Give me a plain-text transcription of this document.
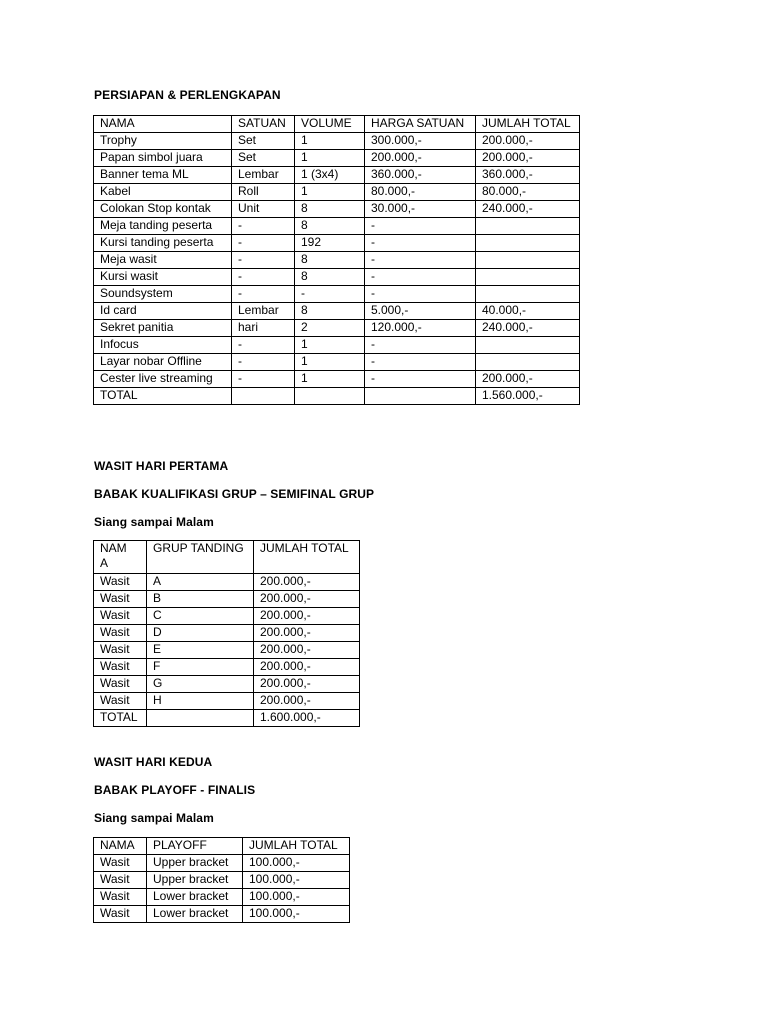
PERSIAPAN & PERLENGKAPAN

NAMA	SATUAN	VOLUME	HARGA SATUAN	JUMLAH TOTAL
Trophy	Set	1	300.000,-	200.000,-
Papan simbol juara	Set	1	200.000,-	200.000,-
Banner tema ML	Lembar	1 (3x4)	360.000,-	360.000,-
Kabel	Roll	1	80.000,-	80.000,-
Colokan Stop kontak	Unit	8	30.000,-	240.000,-
Meja tanding peserta	-	8	-	
Kursi tanding peserta	-	192	-	
Meja wasit	-	8	-	
Kursi wasit	-	8	-	
Soundsystem	-	-	-	
Id card	Lembar	8	5.000,-	40.000,-
Sekret panitia	hari	2	120.000,-	240.000,-
Infocus	-	1	-	
Layar nobar Offline	-	1	-	
Cester live streaming	-	1	-	200.000,-
TOTAL				1.560.000,-

WASIT HARI PERTAMA

BABAK KUALIFIKASI GRUP – SEMIFINAL GRUP

Siang sampai Malam

NAM A	GRUP TANDING	JUMLAH TOTAL
Wasit	A	200.000,-
Wasit	B	200.000,-
Wasit	C	200.000,-
Wasit	D	200.000,-
Wasit	E	200.000,-
Wasit	F	200.000,-
Wasit	G	200.000,-
Wasit	H	200.000,-
TOTAL		1.600.000,-

WASIT HARI KEDUA

BABAK PLAYOFF - FINALIS

Siang sampai Malam

NAMA	PLAYOFF	JUMLAH TOTAL
Wasit	Upper bracket	100.000,-
Wasit	Upper bracket	100.000,-
Wasit	Lower bracket	100.000,-
Wasit	Lower bracket	100.000,-
